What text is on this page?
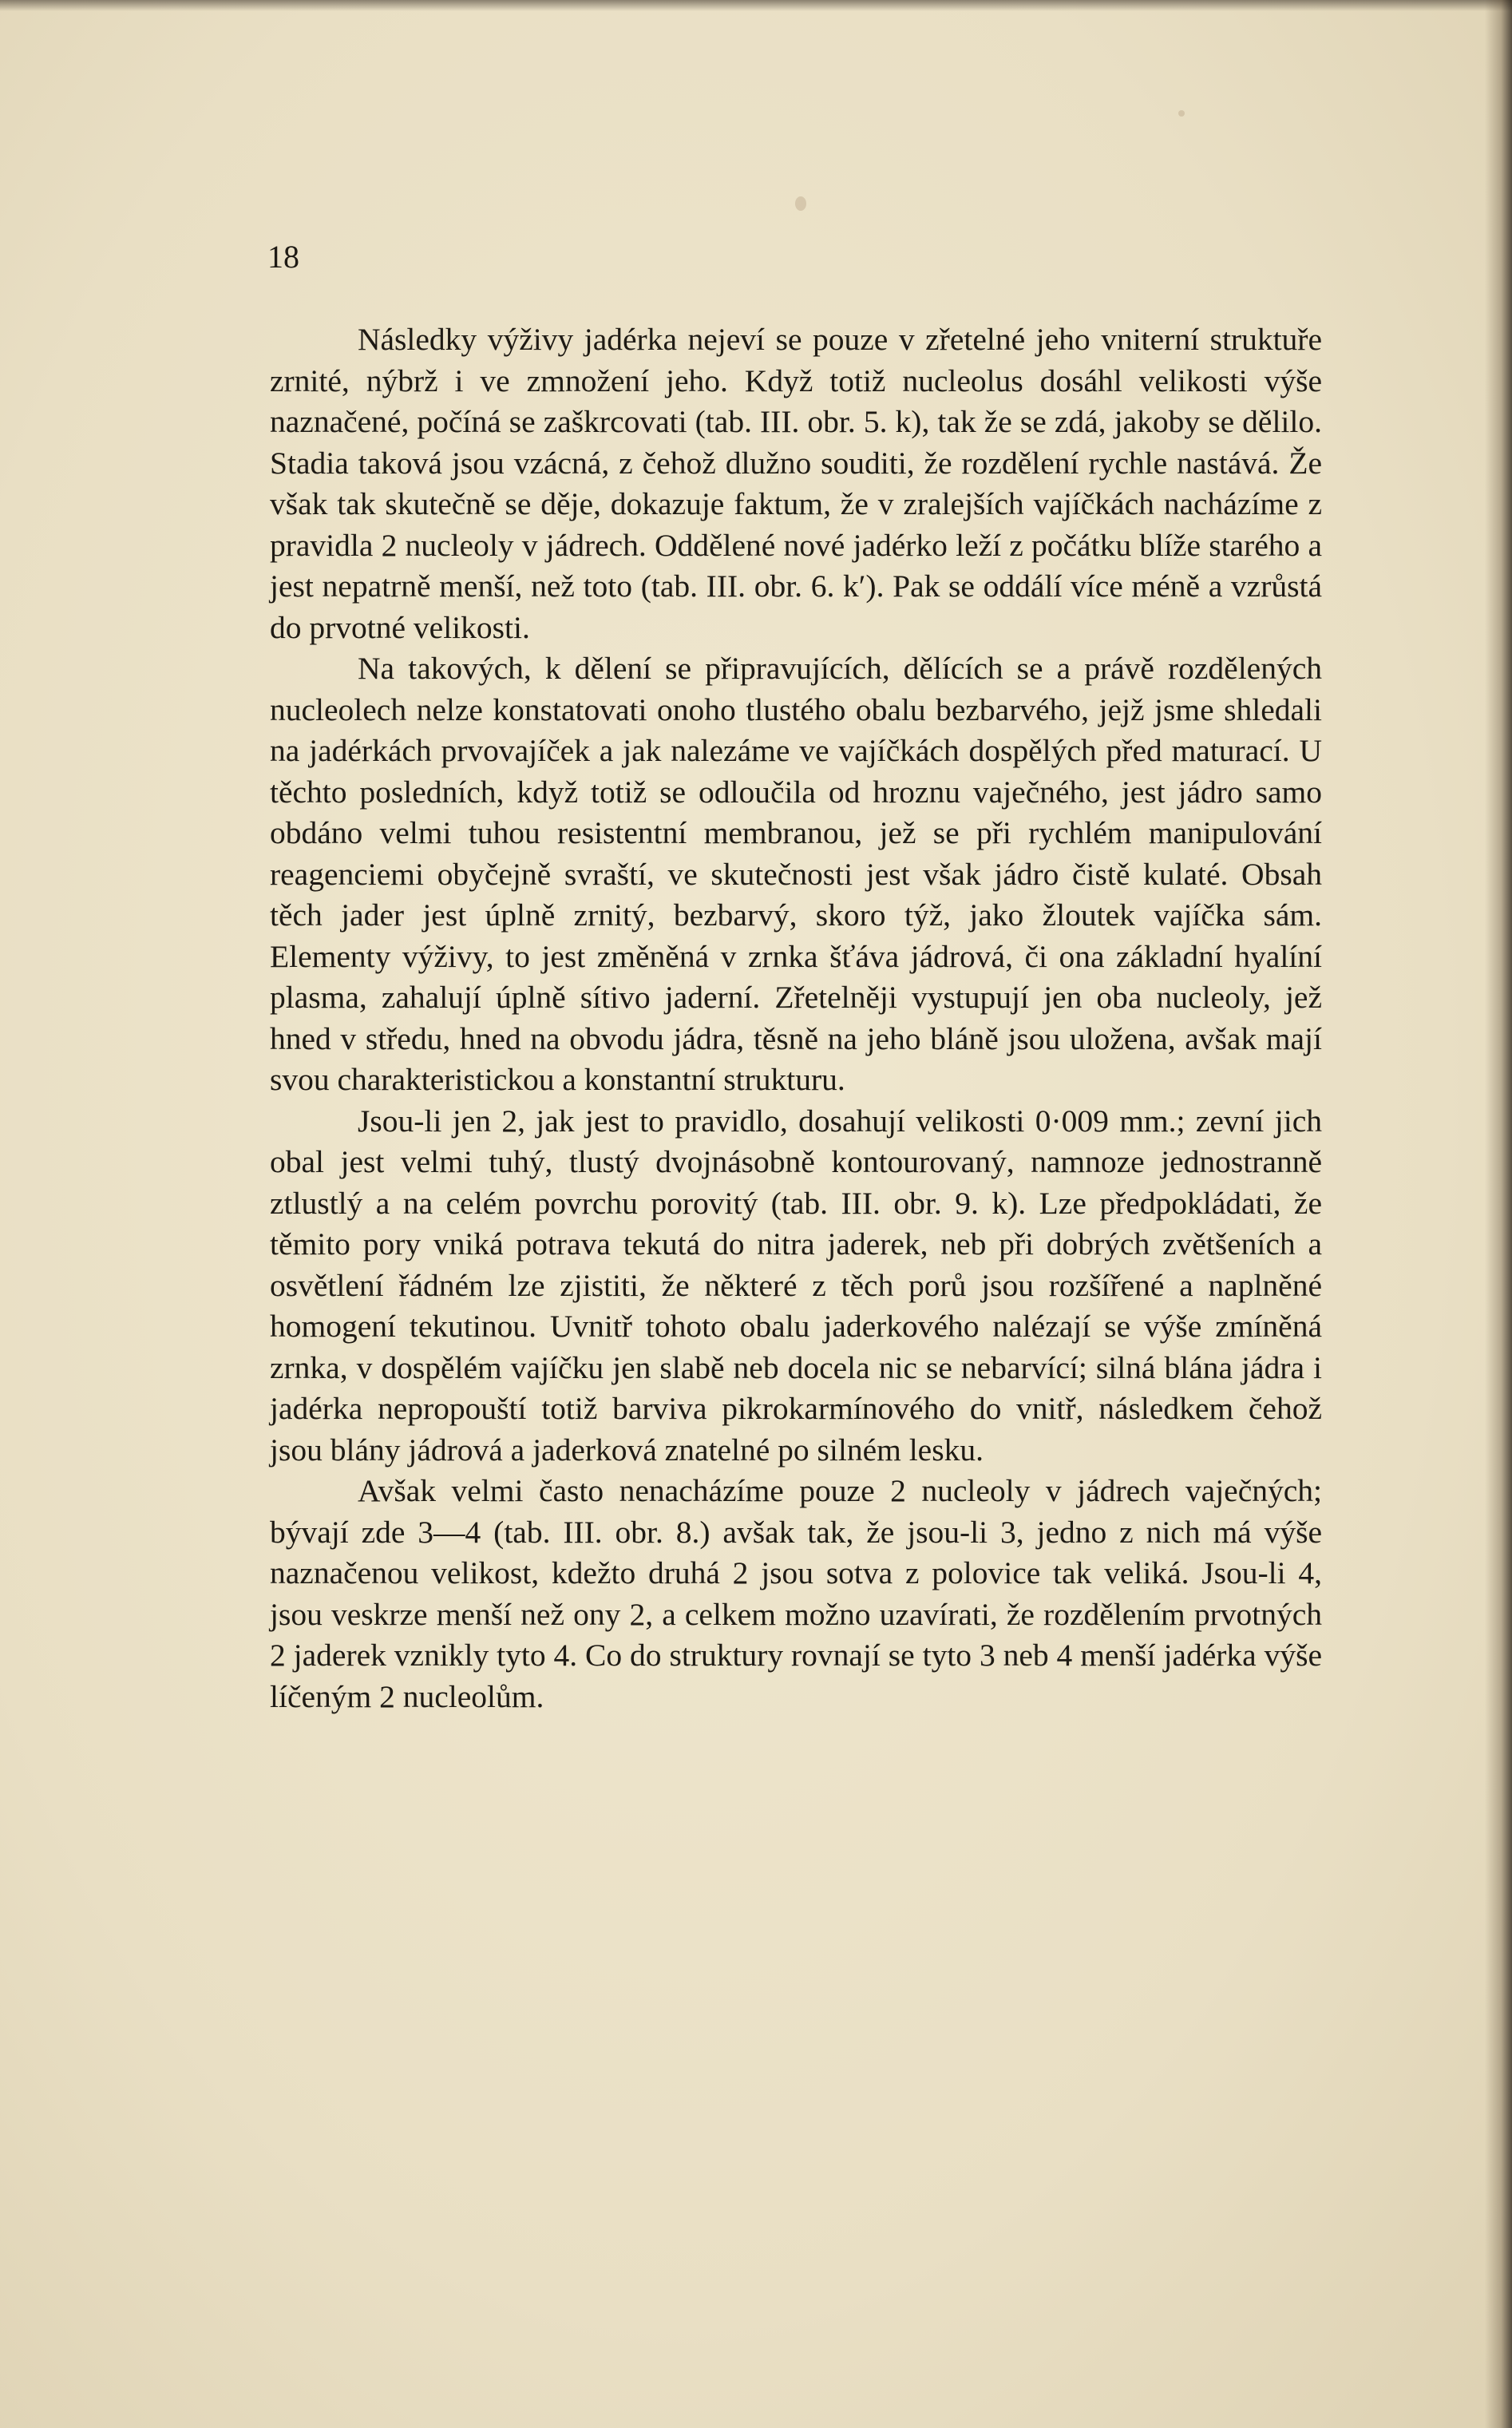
18

Následky výživy jadérka nejeví se pouze v zřetelné jeho vniterní struktuře zrnité, nýbrž i ve zmnožení jeho. Když totiž nucleolus dosáhl velikosti výše naznačené, počíná se zaškrcovati (tab. III. obr. 5. k), tak že se zdá, jakoby se dělilo. Stadia taková jsou vzácná, z čehož dlužno souditi, že rozdělení rychle nastává. Že však tak skutečně se děje, dokazuje faktum, že v zralejších vajíčkách nacházíme z pravidla 2 nucleoly v jádrech. Oddělené nové jadérko leží z počátku blíže starého a jest nepatrně menší, než toto (tab. III. obr. 6. k′). Pak se oddálí více méně a vzrůstá do prvotné velikosti.

Na takových, k dělení se připravujících, dělících se a právě rozdělených nucleolech nelze konstatovati onoho tlustého obalu bezbarvého, jejž jsme shledali na jadérkách prvovajíček a jak nalezáme ve vajíčkách dospělých před maturací. U těchto posledních, když totiž se odloučila od hroznu vaječného, jest jádro samo obdáno velmi tuhou resistentní membranou, jež se při rychlém manipulování reagenciemi obyčejně svraští, ve skutečnosti jest však jádro čistě kulaté. Obsah těch jader jest úplně zrnitý, bezbarvý, skoro týž, jako žloutek vajíčka sám. Elementy výživy, to jest změněná v zrnka šťáva jádrová, či ona základní hyalíní plasma, zahalují úplně sítivo jaderní. Zřetelněji vystupují jen oba nucleoly, jež hned v středu, hned na obvodu jádra, těsně na jeho bláně jsou uložena, avšak mají svou charakteristickou a konstantní strukturu.

Jsou-li jen 2, jak jest to pravidlo, dosahují velikosti 0·009 mm.; zevní jich obal jest velmi tuhý, tlustý dvojnásobně kontourovaný, namnoze jednostranně ztlustlý a na celém povrchu porovitý (tab. III. obr. 9. k). Lze předpokládati, že těmito pory vniká potrava tekutá do nitra jaderek, neb při dobrých zvětšeních a osvětlení řádném lze zjistiti, že některé z těch porů jsou rozšířené a naplněné homogení tekutinou. Uvnitř tohoto obalu jaderkového nalézají se výše zmíněná zrnka, v dospělém vajíčku jen slabě neb docela nic se nebarvící; silná blána jádra i jadérka nepropouští totiž barviva pikrokarmínového do vnitř, následkem čehož jsou blány jádrová a jaderková znatelné po silném lesku.

Avšak velmi často nenacházíme pouze 2 nucleoly v jádrech vaječných; bývají zde 3—4 (tab. III. obr. 8.) avšak tak, že jsou-li 3, jedno z nich má výše naznačenou velikost, kdežto druhá 2 jsou sotva z polovice tak veliká. Jsou-li 4, jsou veskrze menší než ony 2, a celkem možno uzavírati, že rozdělením prvotných 2 jaderek vznikly tyto 4. Co do struktury rovnají se tyto 3 neb 4 menší jadérka výše líčeným 2 nucleolům.
